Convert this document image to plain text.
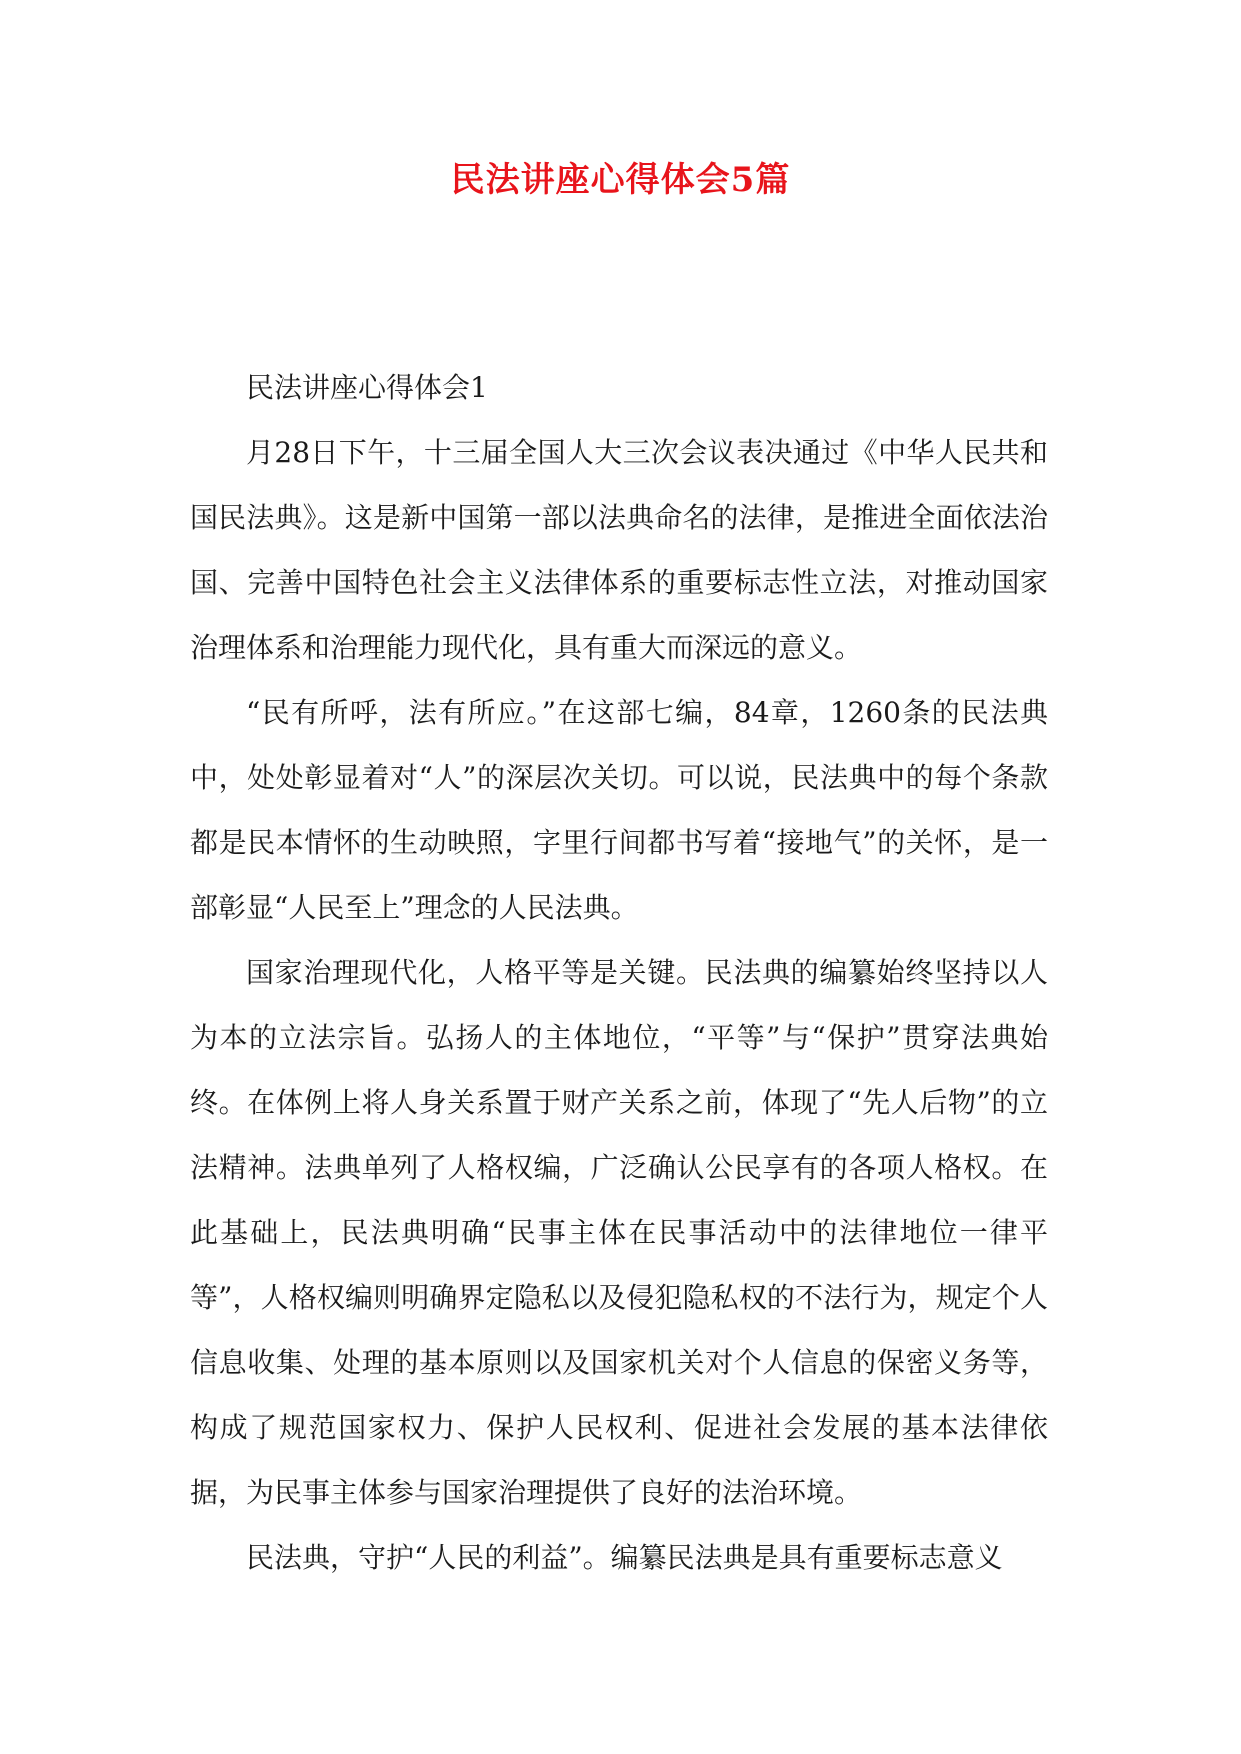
民法讲座心得体会5篇

民法讲座心得体会1

月28日下午，十三届全国人大三次会议表决通过《中华人民共和国民法典》。这是新中国第一部以法典命名的法律，是推进全面依法治国、完善中国特色社会主义法律体系的重要标志性立法，对推动国家治理体系和治理能力现代化，具有重大而深远的意义。

“民有所呼，法有所应。”在这部七编，84章，1260条的民法典中，处处彰显着对“人”的深层次关切。可以说，民法典中的每个条款都是民本情怀的生动映照，字里行间都书写着“接地气”的关怀，是一部彰显“人民至上”理念的人民法典。

国家治理现代化，人格平等是关键。民法典的编纂始终坚持以人为本的立法宗旨。弘扬人的主体地位，“平等”与“保护”贯穿法典始终。在体例上将人身关系置于财产关系之前，体现了“先人后物”的立法精神。法典单列了人格权编，广泛确认公民享有的各项人格权。在此基础上，民法典明确“民事主体在民事活动中的法律地位一律平等”，人格权编则明确界定隐私以及侵犯隐私权的不法行为，规定个人信息收集、处理的基本原则以及国家机关对个人信息的保密义务等，构成了规范国家权力、保护人民权利、促进社会发展的基本法律依据，为民事主体参与国家治理提供了良好的法治环境。

民法典，守护“人民的利益”。编纂民法典是具有重要标志意义
